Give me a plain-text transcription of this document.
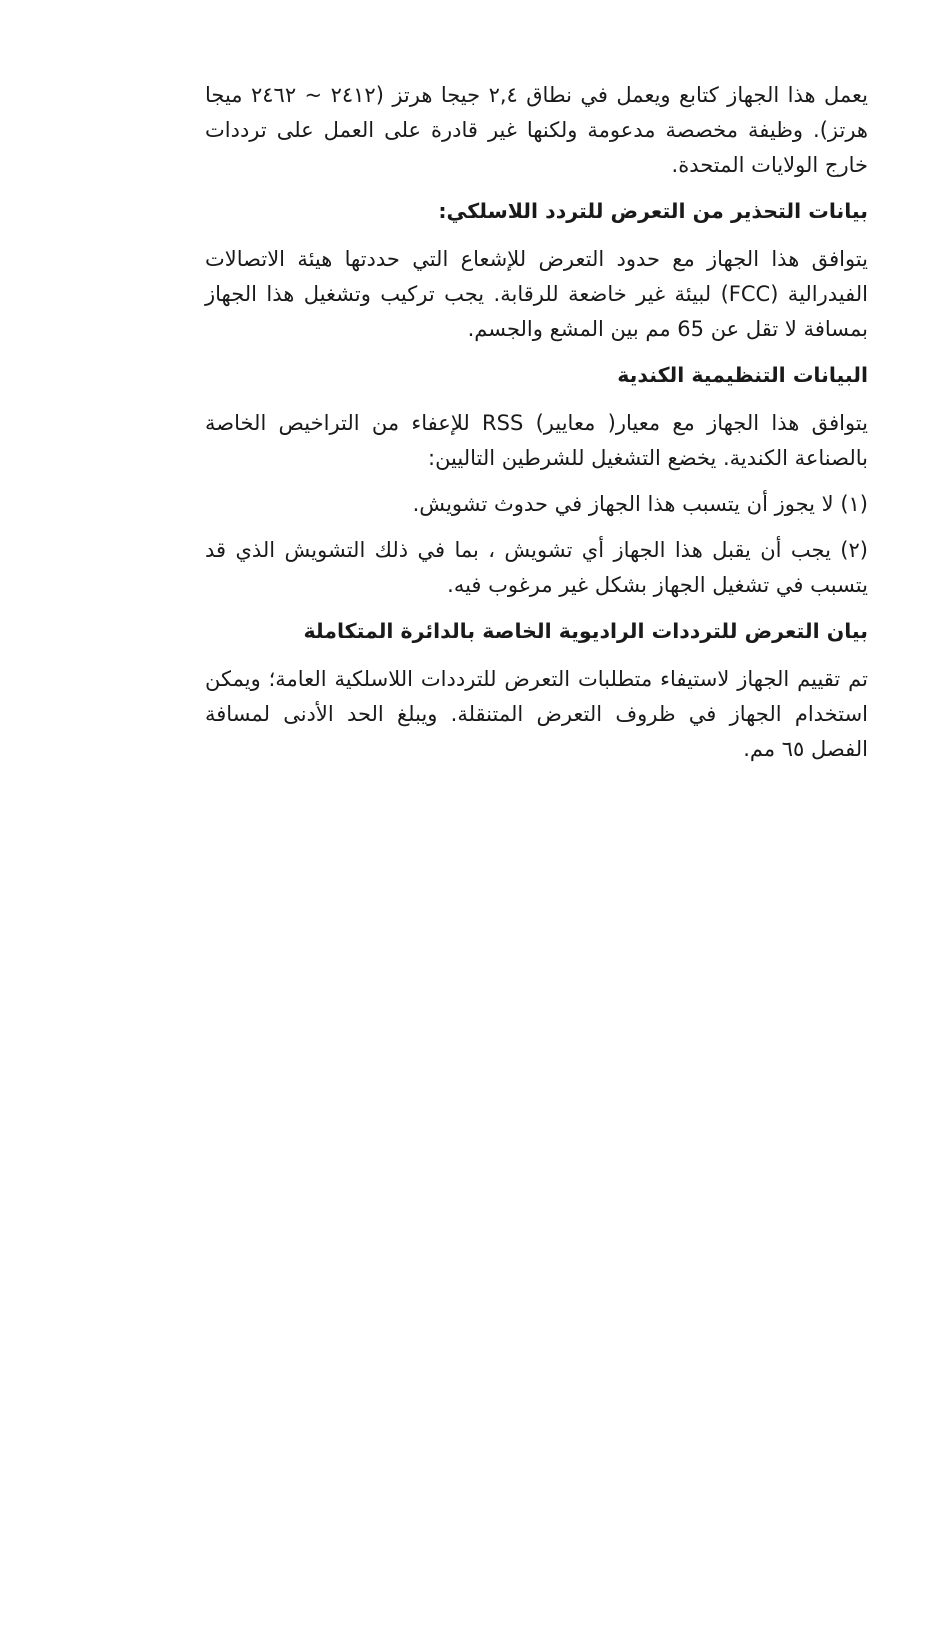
يعمل هذا الجهاز كتابع ويعمل في نطاق ٢,٤ جيجا هرتز (٢٤١٢ ~ ٢٤٦٢ ميجا هرتز). وظيفة مخصصة مدعومة ولكنها غير قادرة على العمل على ترددات خارج الولايات المتحدة.

بيانات التحذير من التعرض للتردد اللاسلكي:

يتوافق هذا الجهاز مع حدود التعرض للإشعاع التي حددتها هيئة الاتصالات الفيدرالية (FCC) لبيئة غير خاضعة للرقابة. يجب تركيب وتشغيل هذا الجهاز بمسافة لا تقل عن 65 مم بين المشع والجسم.

البيانات التنظيمية الكندية

يتوافق هذا الجهاز مع معيار( معايير) RSS للإعفاء من التراخيص الخاصة بالصناعة الكندية. يخضع التشغيل للشرطين التاليين:

(١) لا يجوز أن يتسبب هذا الجهاز في حدوث تشويش.

(٢) يجب أن يقبل هذا الجهاز أي تشويش ، بما في ذلك التشويش الذي قد يتسبب في تشغيل الجهاز بشكل غير مرغوب فيه.

بيان التعرض للترددات الراديوية الخاصة بالدائرة المتكاملة

تم تقييم الجهاز لاستيفاء متطلبات التعرض للترددات اللاسلكية العامة؛ ويمكن استخدام الجهاز في ظروف التعرض المتنقلة. ويبلغ الحد الأدنى لمسافة الفصل ٦٥ مم.
